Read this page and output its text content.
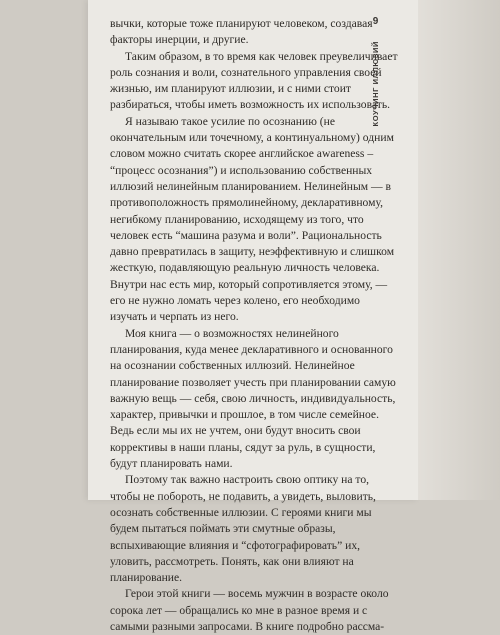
вычки, которые тоже планируют человеком, создавая факторы инерции, и другие.

Таким образом, в то время как человек преувеличивает роль сознания и воли, сознательного управления своей жизнью, им планируют иллюзии, и с ними стоит разбираться, чтобы иметь возможность их использовать.

Я называю такое усилие по осознанию (не окончательным или точечному, а континуальному) одним словом можно считать скорее английское awareness – “процесс осознания”) и использованию собственных иллюзий нелинейным планированием. Нелинейным — в противоположность прямолинейному, декларативному, негибкому планированию, исходящему из того, что человек есть “машина разума и воли”. Рациональность давно превратилась в защиту, неэффективную и слишком жесткую, подавляющую реальную личность человека. Внутри нас есть мир, который сопротивляется этому, — его не нужно ломать через колено, его необходимо изучать и черпать из него.

Моя книга — о возможностях нелинейного планирования, куда менее декларативного и основанного на осознании собственных иллюзий. Нелинейное планирование позволяет учесть при планировании самую важную вещь — себя, свою личность, индивидуальность, характер, привычки и прошлое, в том числе семейное. Ведь если мы их не учтем, они будут вносить свои коррективы в наши планы, сядут за руль, в сущности, будут планировать нами.

Поэтому так важно настроить свою оптику на то, чтобы не побороть, не подавить, а увидеть, выловить, осознать собственные иллюзии. С героями книги мы будем пытаться поймать эти смутные образы, вспыхивающие влияния и “сфотографировать” их, уловить, рассмотреть. Понять, как они влияют на планирование.

Герои этой книги — восемь мужчин в возрасте около сорока лет — обращались ко мне в разное время и с самыми разными запросами. В книге подробно рассма-

9
КОУЧИНГ ИЛЛЮЗИЙ
